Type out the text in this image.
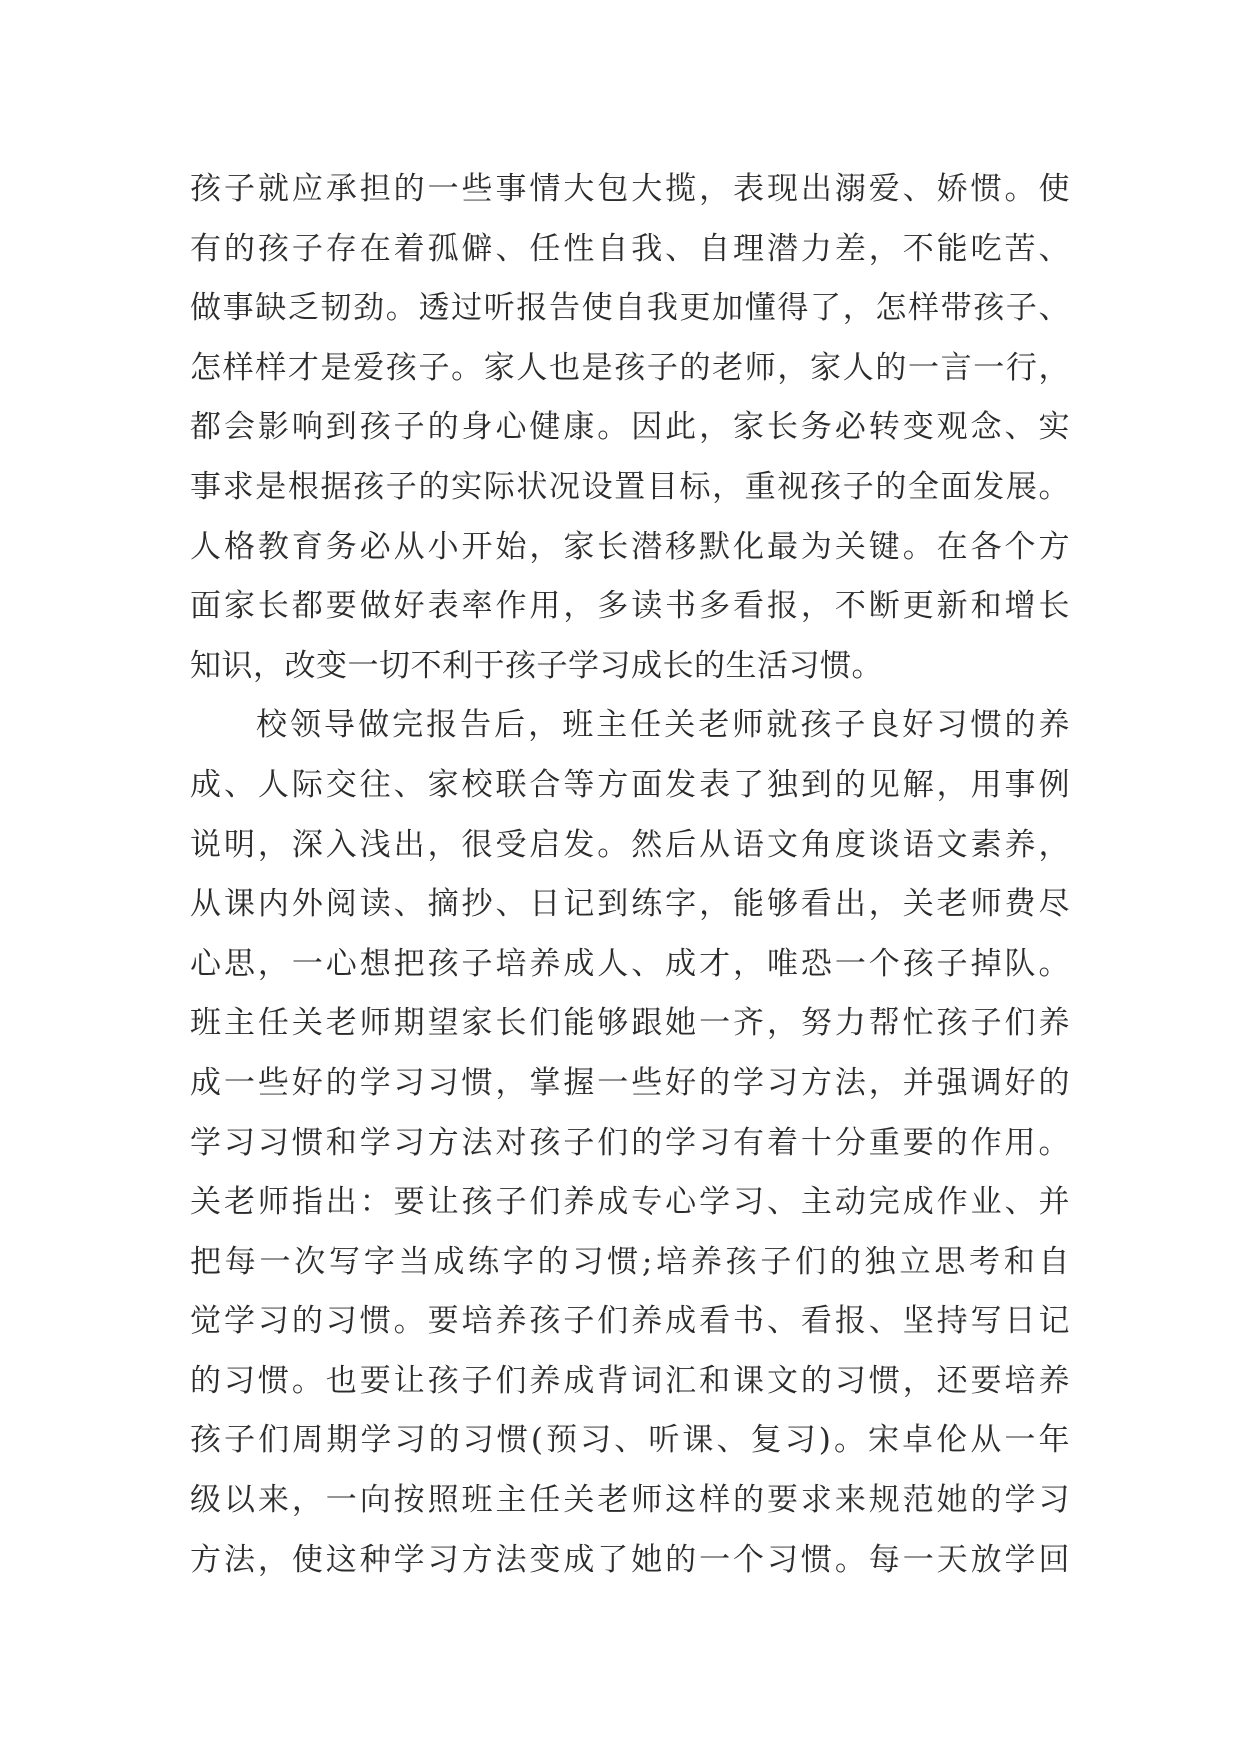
孩子就应承担的一些事情大包大揽，表现出溺爱、娇惯。使
有的孩子存在着孤僻、任性自我、自理潜力差，不能吃苦、
做事缺乏韧劲。透过听报告使自我更加懂得了，怎样带孩子、
怎样样才是爱孩子。家人也是孩子的老师，家人的一言一行，
都会影响到孩子的身心健康。因此，家长务必转变观念、实
事求是根据孩子的实际状况设置目标，重视孩子的全面发展。
人格教育务必从小开始，家长潜移默化最为关键。在各个方
面家长都要做好表率作用，多读书多看报，不断更新和增长
知识，改变一切不利于孩子学习成长的生活习惯。
校领导做完报告后，班主任关老师就孩子良好习惯的养
成、人际交往、家校联合等方面发表了独到的见解，用事例
说明，深入浅出，很受启发。然后从语文角度谈语文素养，
从课内外阅读、摘抄、日记到练字，能够看出，关老师费尽
心思，一心想把孩子培养成人、成才，唯恐一个孩子掉队。
班主任关老师期望家长们能够跟她一齐，努力帮忙孩子们养
成一些好的学习习惯，掌握一些好的学习方法，并强调好的
学习习惯和学习方法对孩子们的学习有着十分重要的作用。
关老师指出：要让孩子们养成专心学习、主动完成作业、并
把每一次写字当成练字的习惯;培养孩子们的独立思考和自
觉学习的习惯。要培养孩子们养成看书、看报、坚持写日记
的习惯。也要让孩子们养成背词汇和课文的习惯，还要培养
孩子们周期学习的习惯(预习、听课、复习)。宋卓伦从一年
级以来，一向按照班主任关老师这样的要求来规范她的学习
方法，使这种学习方法变成了她的一个习惯。每一天放学回
